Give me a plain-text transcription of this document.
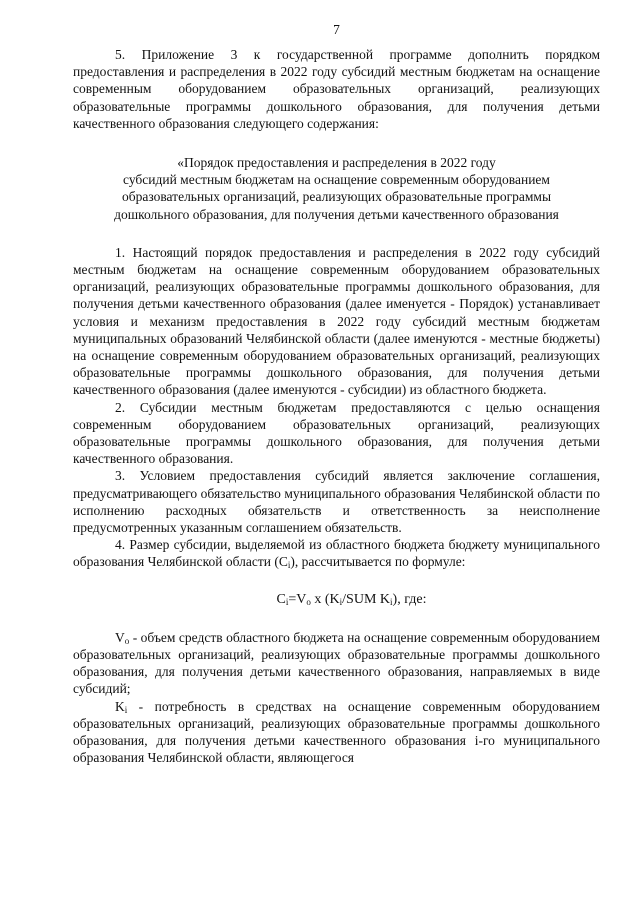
7

5. Приложение 3 к государственной программе дополнить порядком предоставления и распределения в 2022 году субсидий местным бюджетам на оснащение современным оборудованием образовательных организаций, реализующих образовательные программы дошкольного образования, для получения детьми качественного образования следующего содержания:

«Порядок предоставления и распределения в 2022 году
субсидий местным бюджетам на оснащение современным оборудованием
образовательных организаций, реализующих образовательные программы
дошкольного образования, для получения детьми качественного образования

1. Настоящий порядок предоставления и распределения в 2022 году субсидий местным бюджетам на оснащение современным оборудованием образовательных организаций, реализующих образовательные программы дошкольного образования, для получения детьми качественного образования (далее именуется - Порядок) устанавливает условия и механизм предоставления в 2022 году субсидий местным бюджетам муниципальных образований Челябинской области (далее именуются - местные бюджеты) на оснащение современным оборудованием образовательных организаций, реализующих образовательные программы дошкольного образования, для получения детьми качественного образования (далее именуются - субсидии) из областного бюджета.

2. Субсидии местным бюджетам предоставляются с целью оснащения современным оборудованием образовательных организаций, реализующих образовательные программы дошкольного образования, для получения детьми качественного образования.

3. Условием предоставления субсидий является заключение соглашения, предусматривающего обязательство муниципального образования Челябинской области по исполнению расходных обязательств и ответственность за неисполнение предусмотренных указанным соглашением обязательств.

4. Размер субсидии, выделяемой из областного бюджета бюджету муниципального образования Челябинской области $(C_i)$, рассчитывается по формуле:

$C_i=V_o$ x ($K_i$/SUM $K_i$), где:

$V_o$ - объем средств областного бюджета на оснащение современным оборудованием образовательных организаций, реализующих образовательные программы дошкольного образования, для получения детьми качественного образования, направляемых в виде субсидий;

$K_i$ - потребность в средствах на оснащение современным оборудованием образовательных организаций, реализующих образовательные программы дошкольного образования, для получения детьми качественного образования i-го муниципального образования Челябинской области, являющегося
